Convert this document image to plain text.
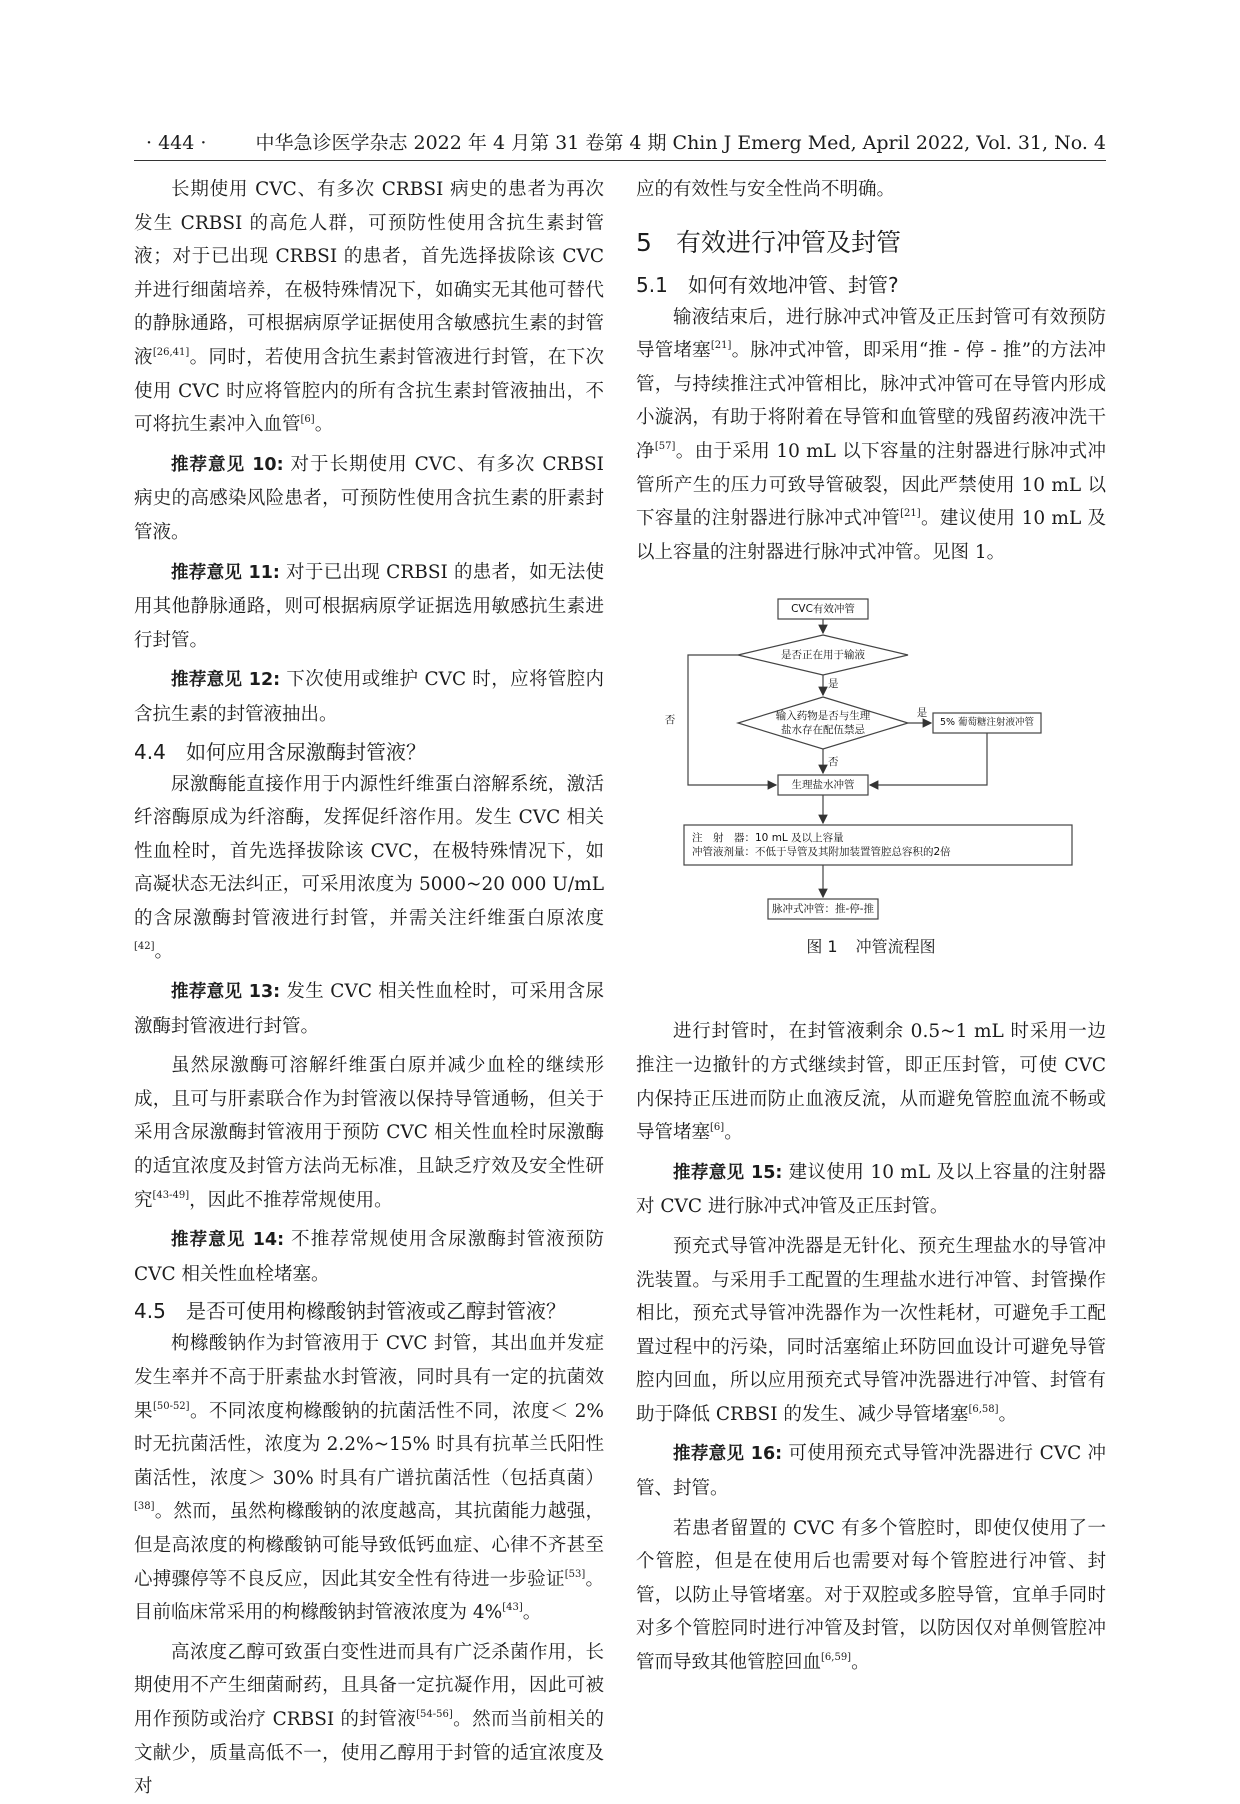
· 444 ·	中华急诊医学杂志 2022 年 4 月第 31 卷第 4 期 Chin J Emerg Med, April 2022, Vol. 31, No. 4

长期使用 CVC、有多次 CRBSI 病史的患者为再次发生 CRBSI 的高危人群，可预防性使用含抗生素封管液；对于已出现 CRBSI 的患者，首先选择拔除该 CVC 并进行细菌培养，在极特殊情况下，如确实无其他可替代的静脉通路，可根据病原学证据使用含敏感抗生素的封管液[26,41]。同时，若使用含抗生素封管液进行封管，在下次使用 CVC 时应将管腔内的所有含抗生素封管液抽出，不可将抗生素冲入血管[6]。

推荐意见 10: 对于长期使用 CVC、有多次 CRBSI 病史的高感染风险患者，可预防性使用含抗生素的肝素封管液。

推荐意见 11: 对于已出现 CRBSI 的患者，如无法使用其他静脉通路，则可根据病原学证据选用敏感抗生素进行封管。

推荐意见 12: 下次使用或维护 CVC 时，应将管腔内含抗生素的封管液抽出。

4.4 如何应用含尿激酶封管液？

尿激酶能直接作用于内源性纤维蛋白溶解系统，激活纤溶酶原成为纤溶酶，发挥促纤溶作用。发生 CVC 相关性血栓时，首先选择拔除该 CVC，在极特殊情况下，如高凝状态无法纠正，可采用浓度为 5000~20 000 U/mL 的含尿激酶封管液进行封管，并需关注纤维蛋白原浓度[42]。

推荐意见 13: 发生 CVC 相关性血栓时，可采用含尿激酶封管液进行封管。

虽然尿激酶可溶解纤维蛋白原并减少血栓的继续形成，且可与肝素联合作为封管液以保持导管通畅，但关于采用含尿激酶封管液用于预防 CVC 相关性血栓时尿激酶的适宜浓度及封管方法尚无标准，且缺乏疗效及安全性研究[43-49]，因此不推荐常规使用。

推荐意见 14: 不推荐常规使用含尿激酶封管液预防 CVC 相关性血栓堵塞。

4.5 是否可使用枸橼酸钠封管液或乙醇封管液？

枸橼酸钠作为封管液用于 CVC 封管，其出血并发症发生率并不高于肝素盐水封管液，同时具有一定的抗菌效果[50-52]。不同浓度枸橼酸钠的抗菌活性不同，浓度＜ 2% 时无抗菌活性，浓度为 2.2%~15% 时具有抗革兰氏阳性菌活性，浓度＞ 30% 时具有广谱抗菌活性（包括真菌）[38]。然而，虽然枸橼酸钠的浓度越高，其抗菌能力越强，但是高浓度的枸橼酸钠可能导致低钙血症、心律不齐甚至心搏骤停等不良反应，因此其安全性有待进一步验证[53]。目前临床常采用的枸橼酸钠封管液浓度为 4%[43]。

高浓度乙醇可致蛋白变性进而具有广泛杀菌作用，长期使用不产生细菌耐药，且具备一定抗凝作用，因此可被用作预防或治疗 CRBSI 的封管液[54-56]。然而当前相关的文献少，质量高低不一，使用乙醇用于封管的适宜浓度及对

应的有效性与安全性尚不明确。

5 有效进行冲管及封管
5.1 如何有效地冲管、封管?

输液结束后，进行脉冲式冲管及正压封管可有效预防导管堵塞[21]。脉冲式冲管，即采用“推 - 停 - 推”的方法冲管，与持续推注式冲管相比，脉冲式冲管可在导管内形成小漩涡，有助于将附着在导管和血管壁的残留药液冲洗干净[57]。由于采用 10 mL 以下容量的注射器进行脉冲式冲管所产生的压力可致导管破裂，因此严禁使用 10 mL 以下容量的注射器进行脉冲式冲管[21]。建议使用 10 mL 及以上容量的注射器进行脉冲式冲管。见图 1。

CVC有效冲管
是否正在用于输液
是
输入药物是否与生理
盐水存在配伍禁忌
是
5% 葡萄糖注射液冲管
否
否
生理盐水冲管
注　射　器：10 mL 及以上容量
冲管液剂量：不低于导管及其附加装置管腔总容积的2倍
脉冲式冲管：推-停-推
图 1 冲管流程图

进行封管时，在封管液剩余 0.5~1 mL 时采用一边推注一边撤针的方式继续封管，即正压封管，可使 CVC 内保持正压进而防止血液反流，从而避免管腔血流不畅或导管堵塞[6]。

推荐意见 15: 建议使用 10 mL 及以上容量的注射器对 CVC 进行脉冲式冲管及正压封管。

预充式导管冲洗器是无针化、预充生理盐水的导管冲洗装置。与采用手工配置的生理盐水进行冲管、封管操作相比，预充式导管冲洗器作为一次性耗材，可避免手工配置过程中的污染，同时活塞缩止环防回血设计可避免导管腔内回血，所以应用预充式导管冲洗器进行冲管、封管有助于降低 CRBSI 的发生、减少导管堵塞[6,58]。

推荐意见 16: 可使用预充式导管冲洗器进行 CVC 冲管、封管。

若患者留置的 CVC 有多个管腔时，即使仅使用了一个管腔，但是在使用后也需要对每个管腔进行冲管、封管，以防止导管堵塞。对于双腔或多腔导管，宜单手同时对多个管腔同时进行冲管及封管，以防因仅对单侧管腔冲管而导致其他管腔回血[6,59]。
